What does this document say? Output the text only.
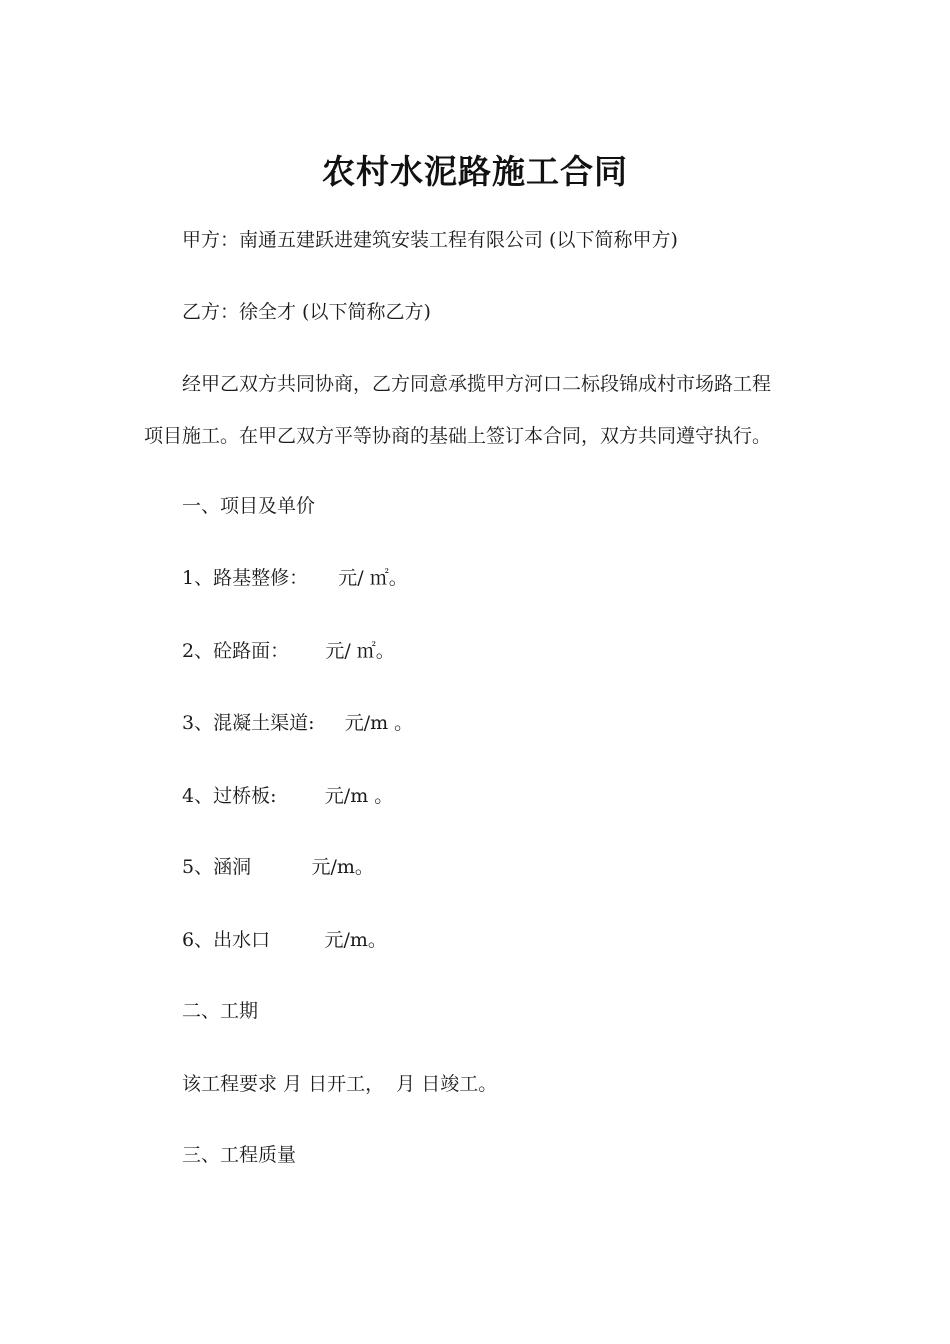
农村水泥路施工合同
甲方：南通五建跃进建筑安装工程有限公司 (以下简称甲方)
乙方：徐全才 (以下简称乙方)
经甲乙双方共同协商，乙方同意承揽甲方河口二标段锦成村市场路工程
项目施工。在甲乙双方平等协商的基础上签订本合同，双方共同遵守执行。
一、项目及单价
1、路基整修：     元/ ㎡。
2、砼路面：      元/ ㎡。
3、混凝土渠道:     元/m 。
4、过桥板:        元/m 。
5、涵洞          元/m。
6、出水口         元/m。
二、工期
该工程要求 月 日开工，  月 日竣工。
三、工程质量
